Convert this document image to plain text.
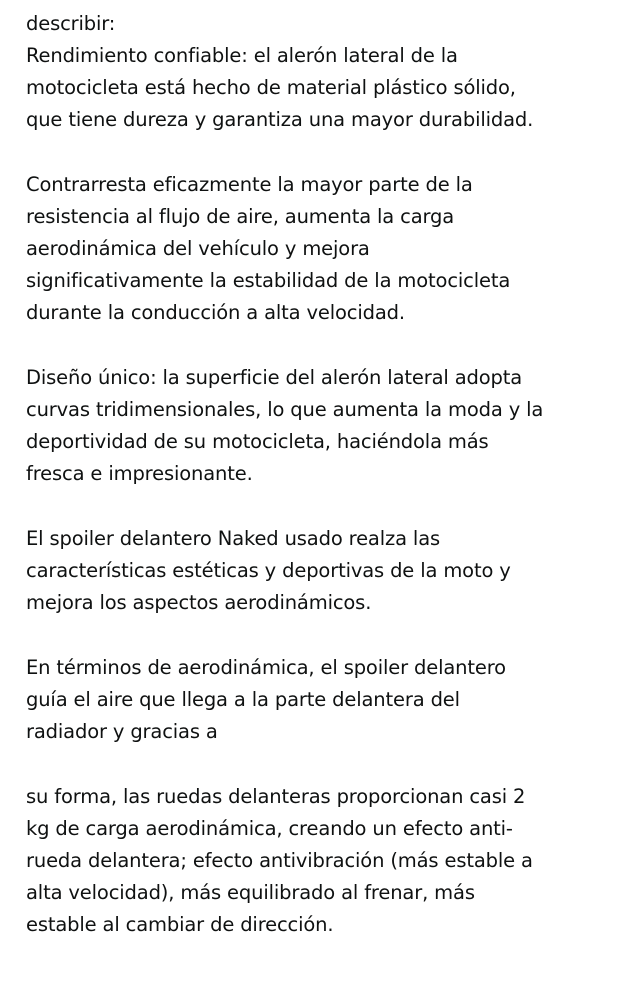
describir:
Rendimiento confiable: el alerón lateral de la
motocicleta está hecho de material plástico sólido,
que tiene dureza y garantiza una mayor durabilidad.
Contrarresta eficazmente la mayor parte de la
resistencia al flujo de aire, aumenta la carga
aerodinámica del vehículo y mejora
significativamente la estabilidad de la motocicleta
durante la conducción a alta velocidad.
Diseño único: la superficie del alerón lateral adopta
curvas tridimensionales, lo que aumenta la moda y la
deportividad de su motocicleta, haciéndola más
fresca e impresionante.
El spoiler delantero Naked usado realza las
características estéticas y deportivas de la moto y
mejora los aspectos aerodinámicos.
En términos de aerodinámica, el spoiler delantero
guía el aire que llega a la parte delantera del
radiador y gracias a
su forma, las ruedas delanteras proporcionan casi 2
kg de carga aerodinámica, creando un efecto anti-
rueda delantera; efecto antivibración (más estable a
alta velocidad), más equilibrado al frenar, más
estable al cambiar de dirección.
